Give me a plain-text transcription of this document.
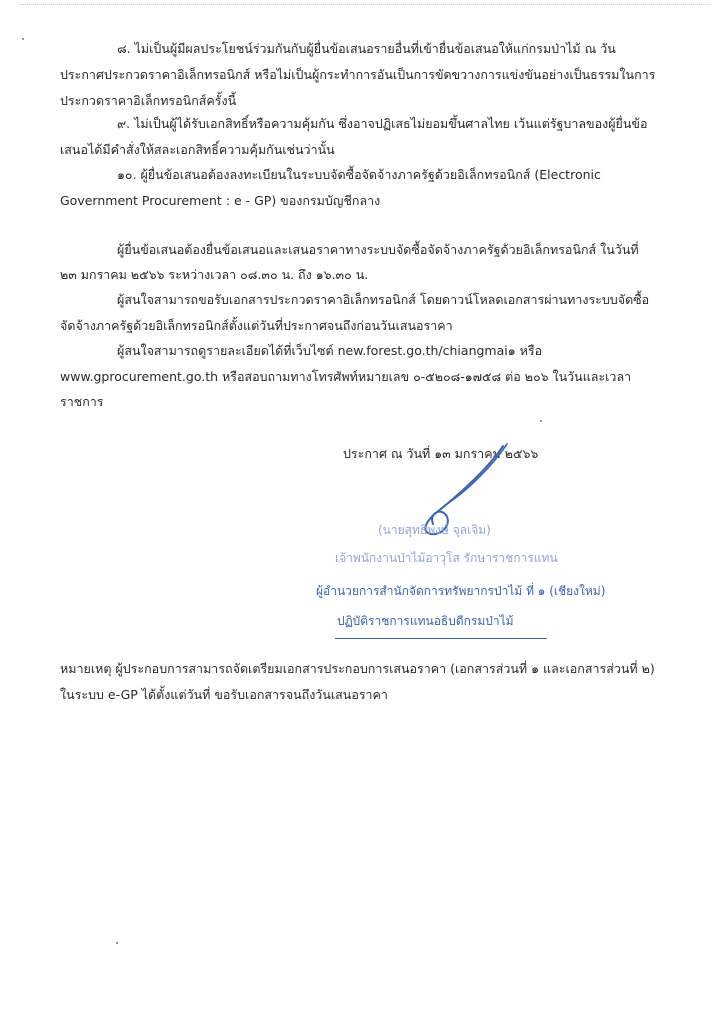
๘. ไม่เป็นผู้มีผลประโยชน์ร่วมกันกับผู้ยื่นข้อเสนอรายอื่นที่เข้ายื่นข้อเสนอให้แก่กรมป่าไม้ ณ วัน
ประกาศประกวดราคาอิเล็กทรอนิกส์ หรือไม่เป็นผู้กระทำการอันเป็นการขัดขวางการแข่งขันอย่างเป็นธรรมในการ
ประกวดราคาอิเล็กทรอนิกส์ครั้งนี้
๙. ไม่เป็นผู้ได้รับเอกสิทธิ์หรือความคุ้มกัน ซึ่งอาจปฏิเสธไม่ยอมขึ้นศาลไทย เว้นแต่รัฐบาลของผู้ยื่นข้อ
เสนอได้มีคำสั่งให้สละเอกสิทธิ์ความคุ้มกันเช่นว่านั้น
๑๐. ผู้ยื่นข้อเสนอต้องลงทะเบียนในระบบจัดซื้อจัดจ้างภาครัฐด้วยอิเล็กทรอนิกส์ (Electronic
Government Procurement : e - GP) ของกรมบัญชีกลาง
ผู้ยื่นข้อเสนอต้องยื่นข้อเสนอและเสนอราคาทางระบบจัดซื้อจัดจ้างภาครัฐด้วยอิเล็กทรอนิกส์ ในวันที่
๒๓ มกราคม ๒๕๖๖ ระหว่างเวลา ๐๘.๓๐ น. ถึง ๑๖.๓๐ น.
ผู้สนใจสามารถขอรับเอกสารประกวดราคาอิเล็กทรอนิกส์ โดยดาวน์โหลดเอกสารผ่านทางระบบจัดซื้อ
จัดจ้างภาครัฐด้วยอิเล็กทรอนิกส์ตั้งแต่วันที่ประกาศจนถึงก่อนวันเสนอราคา
ผู้สนใจสามารถดูรายละเอียดได้ที่เว็บไซต์ new.forest.go.th/chiangmai๑ หรือ
www.gprocurement.go.th หรือสอบถามทางโทรศัพท์หมายเลข ๐-๕๒๐๘-๑๗๕๘ ต่อ ๒๐๖ ในวันและเวลา
ราชการ
ประกาศ ณ วันที่ ๑๓ มกราคม ๒๕๖๖
(นายสุทธิพงษ์ จุลเจิม)
เจ้าพนักงานป่าไม้อาวุโส รักษาราชการแทน
ผู้อำนวยการสำนักจัดการทรัพยากรป่าไม้ ที่ ๑ (เชียงใหม่)
ปฏิบัติราชการแทนอธิบดีกรมป่าไม้
หมายเหตุ ผู้ประกอบการสามารถจัดเตรียมเอกสารประกอบการเสนอราคา (เอกสารส่วนที่ ๑ และเอกสารส่วนที่ ๒)
ในระบบ e-GP ได้ตั้งแต่วันที่ ขอรับเอกสารจนถึงวันเสนอราคา
